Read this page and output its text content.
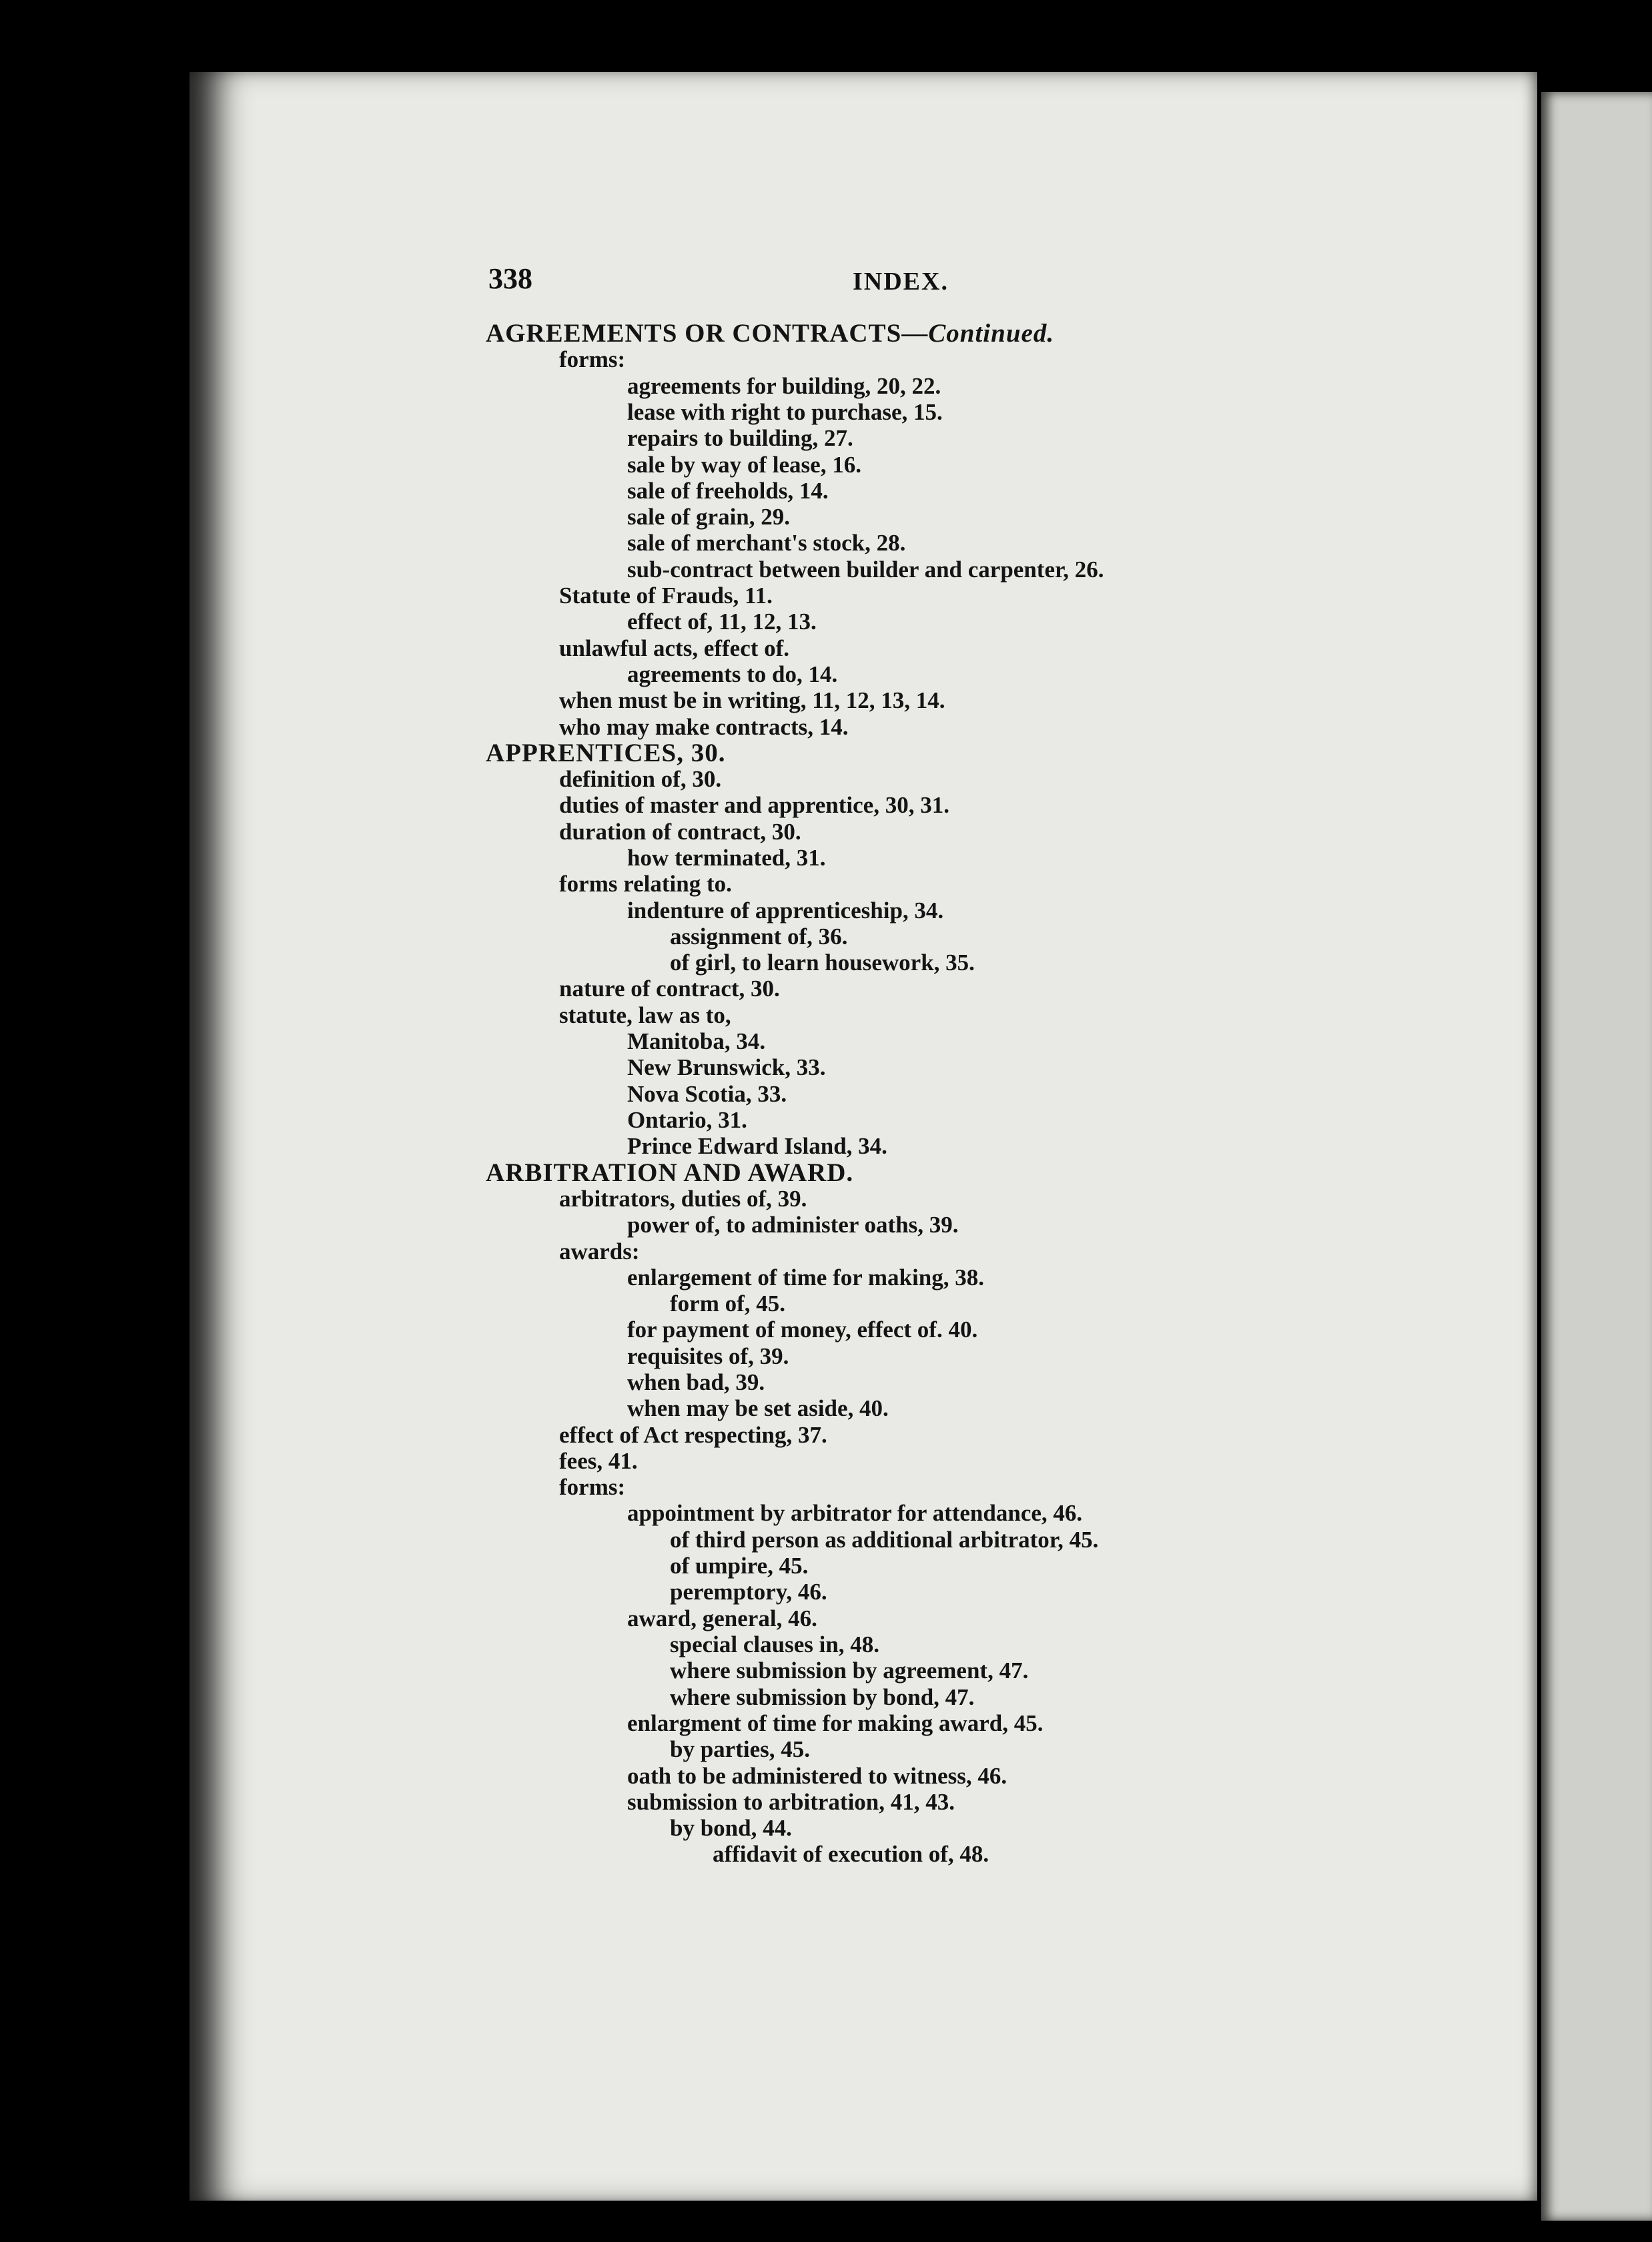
338	INDEX.
AGREEMENTS OR CONTRACTS—Continued.
forms:
agreements for building, 20, 22.
lease with right to purchase, 15.
repairs to building, 27.
sale by way of lease, 16.
sale of freeholds, 14.
sale of grain, 29.
sale of merchant's stock, 28.
sub-contract between builder and carpenter, 26.
Statute of Frauds, 11.
effect of, 11, 12, 13.
unlawful acts, effect of.
agreements to do, 14.
when must be in writing, 11, 12, 13, 14.
who may make contracts, 14.
APPRENTICES, 30.
definition of, 30.
duties of master and apprentice, 30, 31.
duration of contract, 30.
how terminated, 31.
forms relating to.
indenture of apprenticeship, 34.
assignment of, 36.
of girl, to learn housework, 35.
nature of contract, 30.
statute, law as to,
Manitoba, 34.
New Brunswick, 33.
Nova Scotia, 33.
Ontario, 31.
Prince Edward Island, 34.
ARBITRATION AND AWARD.
arbitrators, duties of, 39.
power of, to administer oaths, 39.
awards:
enlargement of time for making, 38.
form of, 45.
for payment of money, effect of. 40.
requisites of, 39.
when bad, 39.
when may be set aside, 40.
effect of Act respecting, 37.
fees, 41.
forms:
appointment by arbitrator for attendance, 46.
of third person as additional arbitrator, 45.
of umpire, 45.
peremptory, 46.
award, general, 46.
special clauses in, 48.
where submission by agreement, 47.
where submission by bond, 47.
enlargment of time for making award, 45.
by parties, 45.
oath to be administered to witness, 46.
submission to arbitration, 41, 43.
by bond, 44.
affidavit of execution of, 48.
